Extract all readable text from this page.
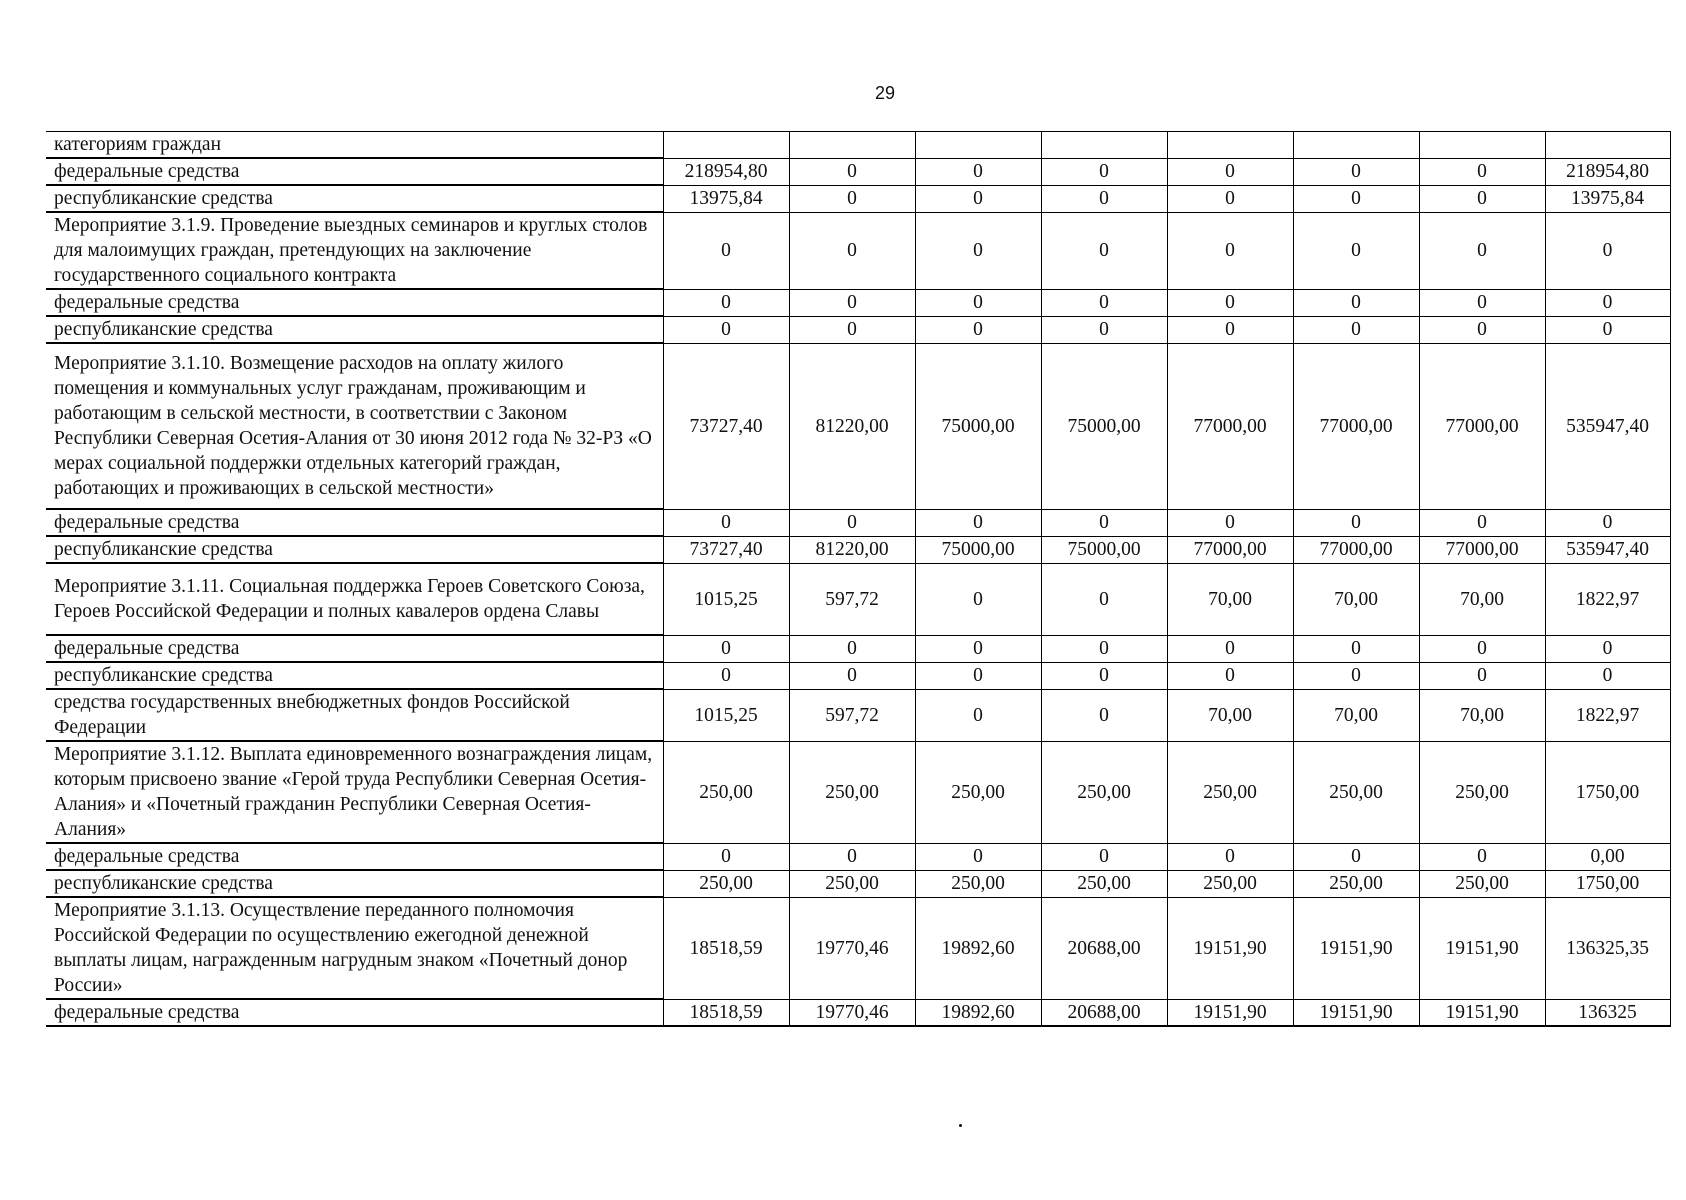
29
категориям граждан								
федеральные средства	218954,80	0	0	0	0	0	0	218954,80
республиканские средства	13975,84	0	0	0	0	0	0	13975,84
Мероприятие 3.1.9. Проведение выездных семинаров и круглых столов для малоимущих граждан, претендующих на заключение государственного социального контракта	0	0	0	0	0	0	0	0
федеральные средства	0	0	0	0	0	0	0	0
республиканские средства	0	0	0	0	0	0	0	0
Мероприятие 3.1.10. Возмещение расходов на оплату жилого помещения и коммунальных услуг гражданам, проживающим и работающим в сельской местности, в соответствии с Законом Республики Северная Осетия-Алания от 30 июня 2012 года № 32-РЗ «О мерах социальной поддержки отдельных категорий граждан, работающих и проживающих в сельской местности»	73727,40	81220,00	75000,00	75000,00	77000,00	77000,00	77000,00	535947,40
федеральные средства	0	0	0	0	0	0	0	0
республиканские средства	73727,40	81220,00	75000,00	75000,00	77000,00	77000,00	77000,00	535947,40
Мероприятие 3.1.11. Социальная поддержка Героев Советского Союза, Героев Российской Федерации и полных кавалеров ордена Славы	1015,25	597,72	0	0	70,00	70,00	70,00	1822,97
федеральные средства	0	0	0	0	0	0	0	0
республиканские средства	0	0	0	0	0	0	0	0
средства государственных внебюджетных фондов Российской Федерации	1015,25	597,72	0	0	70,00	70,00	70,00	1822,97
Мероприятие 3.1.12. Выплата единовременного вознаграждения лицам, которым присвоено звание «Герой труда Республики Северная Осетия-Алания» и «Почетный гражданин Республики Северная Осетия-Алания»	250,00	250,00	250,00	250,00	250,00	250,00	250,00	1750,00
федеральные средства	0	0	0	0	0	0	0	0,00
республиканские средства	250,00	250,00	250,00	250,00	250,00	250,00	250,00	1750,00
Мероприятие 3.1.13. Осуществление переданного полномочия Российской Федерации по осуществлению ежегодной денежной выплаты лицам, награжденным нагрудным знаком «Почетный донор России»	18518,59	19770,46	19892,60	20688,00	19151,90	19151,90	19151,90	136325,35
федеральные средства	18518,59	19770,46	19892,60	20688,00	19151,90	19151,90	19151,90	136325
